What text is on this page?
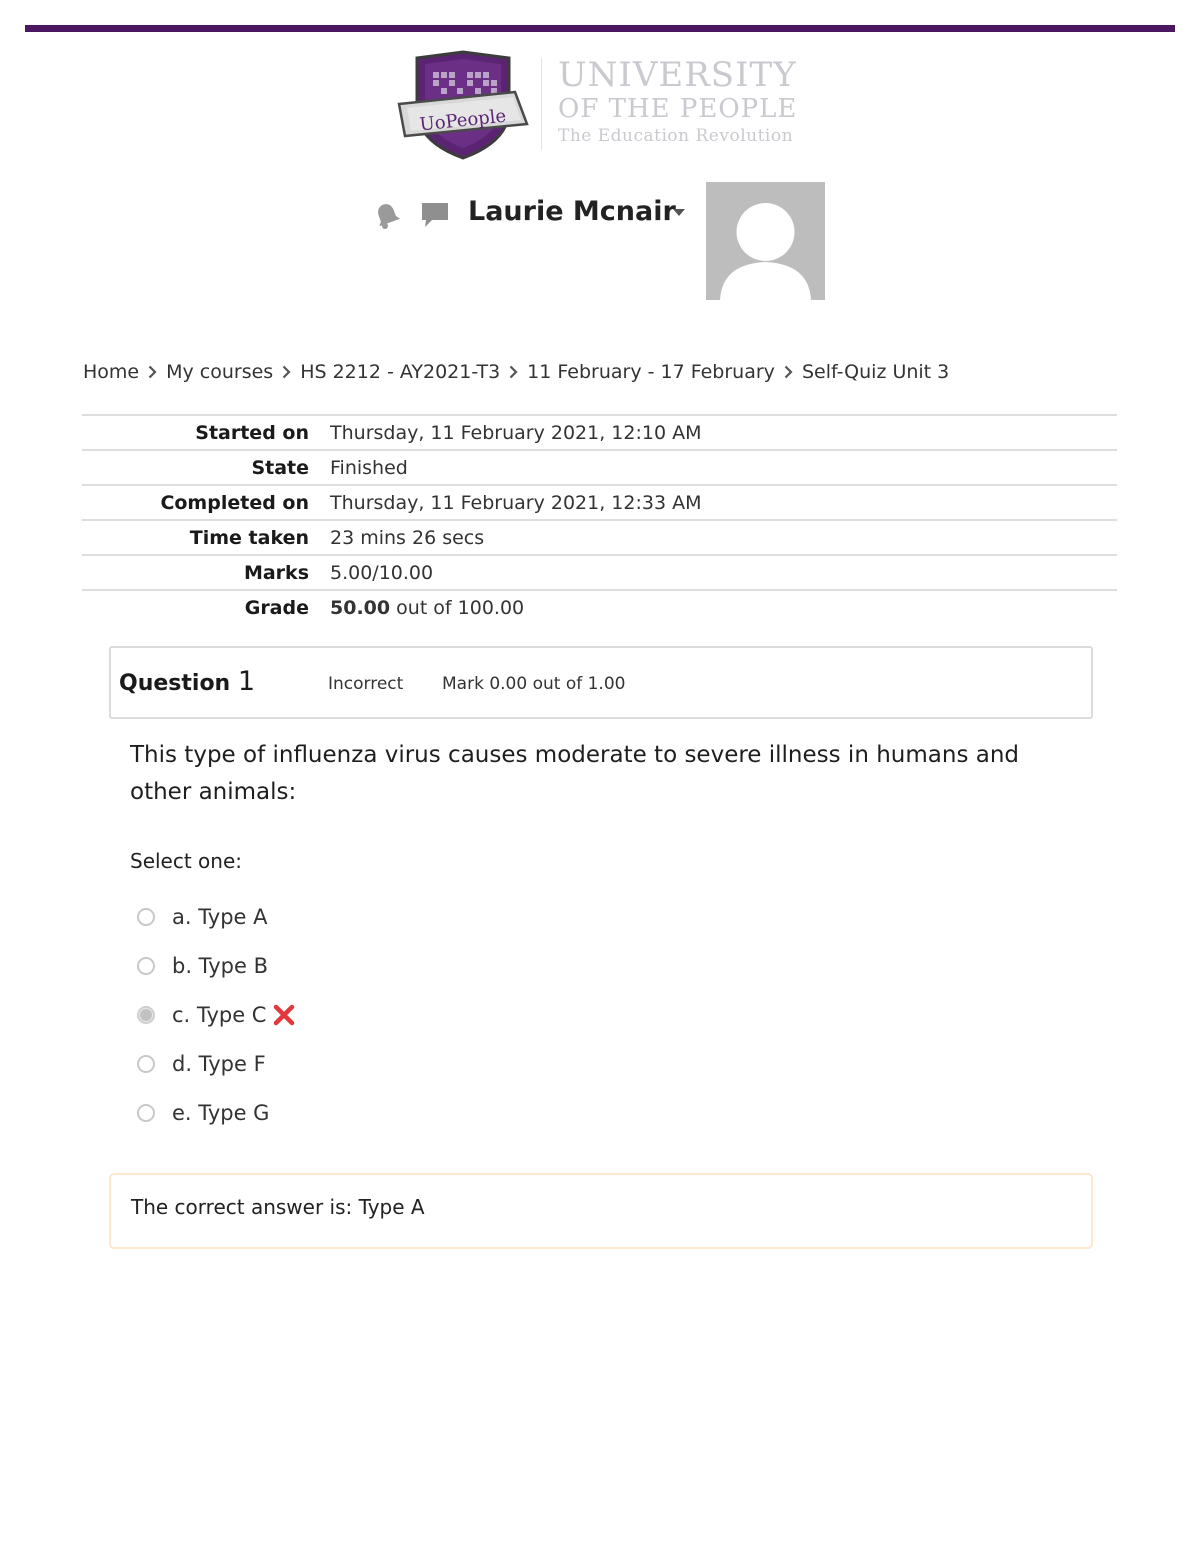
UoPeople
UNIVERSITY
OF THE PEOPLE
The Education Revolution
Laurie Mcnair
Home My courses HS 2212 - AY2021-T3 11 February - 17 February Self-Quiz Unit 3
Started on	Thursday, 11 February 2021, 12:10 AM
State	Finished
Completed on	Thursday, 11 February 2021, 12:33 AM
Time taken	23 mins 26 secs
Marks	5.00/10.00
Grade	50.00 out of 100.00
Question 1	Incorrect Mark 0.00 out of 1.00
This type of influenza virus causes moderate to severe illness in humans and other animals:
Select one:
a. Type A
b. Type B
c. Type C
d. Type F
e. Type G
The correct answer is: Type A
